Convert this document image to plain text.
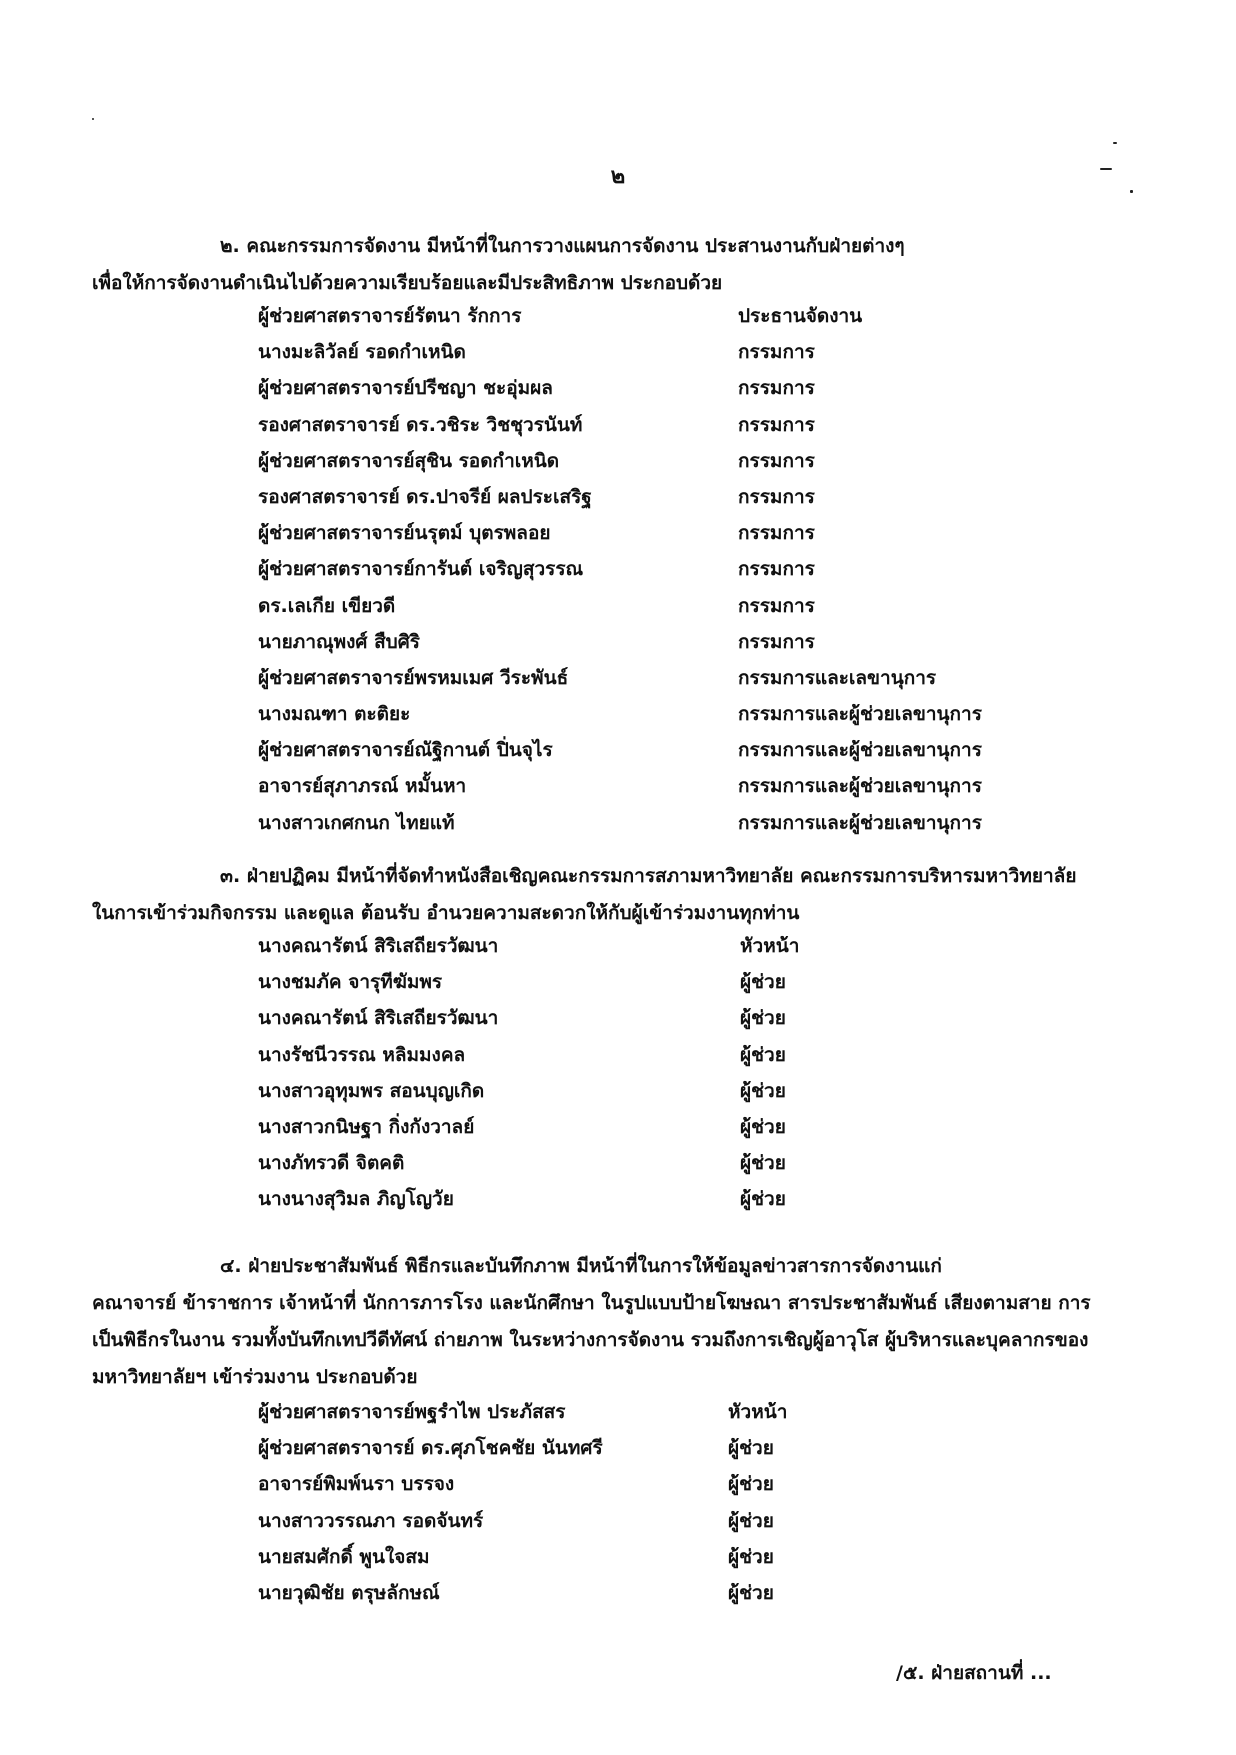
๒
๒. คณะกรรมการจัดงาน มีหน้าที่ในการวางแผนการจัดงาน ประสานงานกับฝ่ายต่างๆ
เพื่อให้การจัดงานดำเนินไปด้วยความเรียบร้อยและมีประสิทธิภาพ ประกอบด้วย
ผู้ช่วยศาสตราจารย์รัตนา รักการ	ประธานจัดงาน
นางมะลิวัลย์ รอดกำเหนิด	กรรมการ
ผู้ช่วยศาสตราจารย์ปรีชญา ชะอุ่มผล	กรรมการ
รองศาสตราจารย์ ดร.วชิระ วิชชุวรนันท์	กรรมการ
ผู้ช่วยศาสตราจารย์สุชิน รอดกำเหนิด	กรรมการ
รองศาสตราจารย์ ดร.ปาจรีย์ ผลประเสริฐ	กรรมการ
ผู้ช่วยศาสตราจารย์นรุตม์ บุตรพลอย	กรรมการ
ผู้ช่วยศาสตราจารย์การันต์ เจริญสุวรรณ	กรรมการ
ดร.เลเกีย เขียวดี	กรรมการ
นายภาณุพงศ์ สืบศิริ	กรรมการ
ผู้ช่วยศาสตราจารย์พรหมเมศ วีระพันธ์	กรรมการและเลขานุการ
นางมณฑา ตะติยะ	กรรมการและผู้ช่วยเลขานุการ
ผู้ช่วยศาสตราจารย์ณัฐิกานต์ ปิ่นจุไร	กรรมการและผู้ช่วยเลขานุการ
อาจารย์สุภาภรณ์ หมั้นหา	กรรมการและผู้ช่วยเลขานุการ
นางสาวเกศกนก ไทยแท้	กรรมการและผู้ช่วยเลขานุการ
๓. ฝ่ายปฏิคม มีหน้าที่จัดทำหนังสือเชิญคณะกรรมการสภามหาวิทยาลัย คณะกรรมการบริหารมหาวิทยาลัย
ในการเข้าร่วมกิจกรรม และดูแล ต้อนรับ อำนวยความสะดวกให้กับผู้เข้าร่วมงานทุกท่าน
นางคณารัตน์ สิริเสถียรวัฒนา	หัวหน้า
นางชมภัค จารุทีฆัมพร	ผู้ช่วย
นางคณารัตน์ สิริเสถียรวัฒนา	ผู้ช่วย
นางรัชนีวรรณ หลิมมงคล	ผู้ช่วย
นางสาวอุทุมพร สอนบุญเกิด	ผู้ช่วย
นางสาวกนิษฐา กิ่งกังวาลย์	ผู้ช่วย
นางภัทรวดี จิตคติ	ผู้ช่วย
นางนางสุวิมล ภิญโญวัย	ผู้ช่วย
๔. ฝ่ายประชาสัมพันธ์ พิธีกรและบันทึกภาพ มีหน้าที่ในการให้ข้อมูลข่าวสารการจัดงานแก่
คณาจารย์ ข้าราชการ เจ้าหน้าที่ นักการภารโรง และนักศึกษา ในรูปแบบป้ายโฆษณา สารประชาสัมพันธ์ เสียงตามสาย การเป็นพิธีกรในงาน รวมทั้งบันทึกเทปวีดีทัศน์ ถ่ายภาพ ในระหว่างการจัดงาน รวมถึงการเชิญผู้อาวุโส ผู้บริหารและบุคลากรของมหาวิทยาลัยฯ เข้าร่วมงาน ประกอบด้วย
ผู้ช่วยศาสตราจารย์พฐรำไพ ประภัสสร	หัวหน้า
ผู้ช่วยศาสตราจารย์ ดร.ศุภโชคชัย นันทศรี	ผู้ช่วย
อาจารย์พิมพ์นรา บรรจง	ผู้ช่วย
นางสาววรรณภา รอดจันทร์	ผู้ช่วย
นายสมศักดิ์ พูนใจสม	ผู้ช่วย
นายวุฒิชัย ตรุษลักษณ์	ผู้ช่วย
/๕. ฝ่ายสถานที่ ...
